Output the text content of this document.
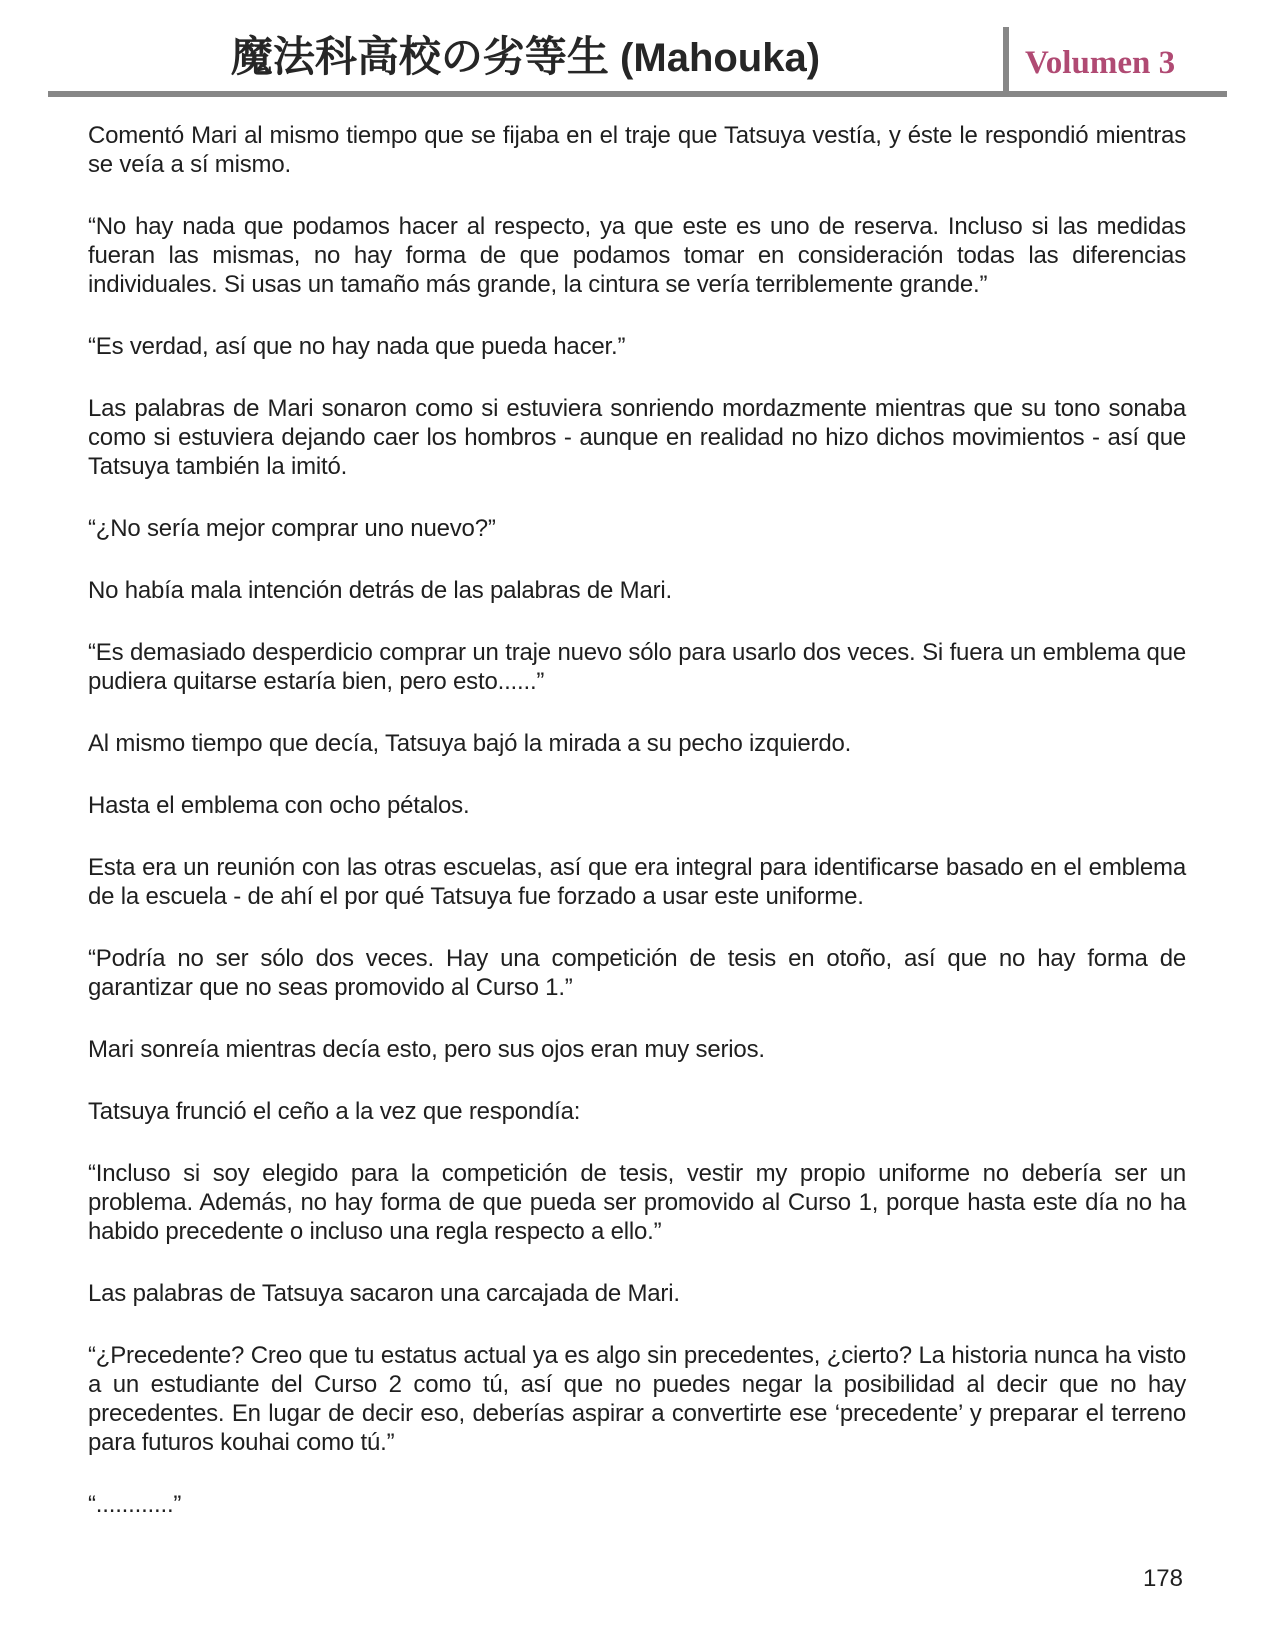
魔法科高校の劣等生 (Mahouka)	Volumen 3

Comentó Mari al mismo tiempo que se fijaba en el traje que Tatsuya vestía, y éste le respondió mientras se veía a sí mismo.

“No hay nada que podamos hacer al respecto, ya que este es uno de reserva. Incluso si las medidas fueran las mismas, no hay forma de que podamos tomar en consideración todas las diferencias individuales. Si usas un tamaño más grande, la cintura se vería terriblemente grande.”

“Es verdad, así que no hay nada que pueda hacer.”

Las palabras de Mari sonaron como si estuviera sonriendo mordazmente mientras que su tono sonaba como si estuviera dejando caer los hombros - aunque en realidad no hizo dichos movimientos - así que Tatsuya también la imitó.

“¿No sería mejor comprar uno nuevo?”

No había mala intención detrás de las palabras de Mari.

“Es demasiado desperdicio comprar un traje nuevo sólo para usarlo dos veces. Si fuera un emblema que pudiera quitarse estaría bien, pero esto......”

Al mismo tiempo que decía, Tatsuya bajó la mirada a su pecho izquierdo.

Hasta el emblema con ocho pétalos.

Esta era un reunión con las otras escuelas, así que era integral para identificarse basado en el emblema de la escuela - de ahí el por qué Tatsuya fue forzado a usar este uniforme.

“Podría no ser sólo dos veces. Hay una competición de tesis en otoño, así que no hay forma de garantizar que no seas promovido al Curso 1.”

Mari sonreía mientras decía esto, pero sus ojos eran muy serios.

Tatsuya frunció el ceño a la vez que respondía:

“Incluso si soy elegido para la competición de tesis, vestir my propio uniforme no debería ser un problema. Además, no hay forma de que pueda ser promovido al Curso 1, porque hasta este día no ha habido precedente o incluso una regla respecto a ello.”

Las palabras de Tatsuya sacaron una carcajada de Mari.

“¿Precedente? Creo que tu estatus actual ya es algo sin precedentes, ¿cierto? La historia nunca ha visto a un estudiante del Curso 2 como tú, así que no puedes negar la posibilidad al decir que no hay precedentes. En lugar de decir eso, deberías aspirar a convertirte ese ‘precedente’ y preparar el terreno para futuros kouhai como tú.”

“............”

178
